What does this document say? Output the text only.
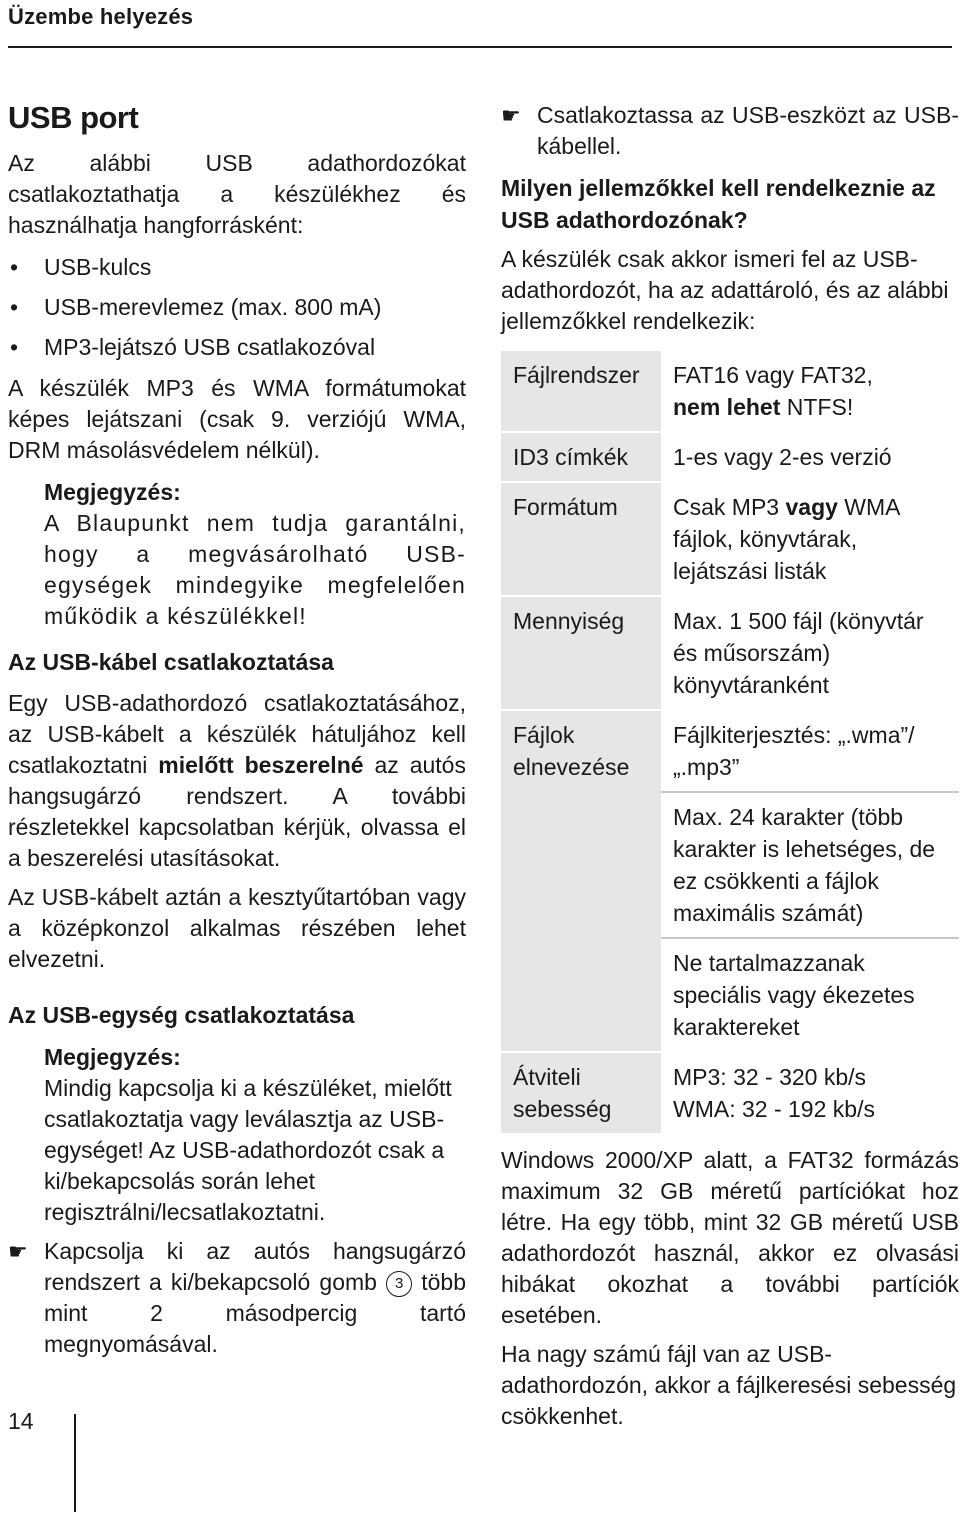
Üzembe helyezés

USB port

Az alábbi USB adathordozókat csatlakoztathatja a készülékhez és használhatja hangforrásként:

• USB-kulcs
• USB-merevlemez (max. 800 mA)
• MP3-lejátszó USB csatlakozóval

A készülék MP3 és WMA formátumokat képes lejátszani (csak 9. verziójú WMA, DRM másolásvédelem nélkül).

Megjegyzés:

A Blaupunkt nem tudja garantálni, hogy a megvásárolható USB-egységek mindegyike megfelelően működik a készülékkel!

Az USB-kábel csatlakoztatása

Egy USB-adathordozó csatlakoztatásához, az USB-kábelt a készülék hátuljához kell csatlakoztatni mielőtt beszerelné az autós hangsugárzó rendszert. A további részletekkel kapcsolatban kérjük, olvassa el a beszerelési utasításokat.

Az USB-kábelt aztán a kesztyűtartóban vagy a középkonzol alkalmas részében lehet elvezetni.

Az USB-egység csatlakoztatása

Megjegyzés:

Mindig kapcsolja ki a készüléket, mielőtt csatlakoztatja vagy leválasztja az USB-egységet! Az USB-adathordozót csak a ki/bekapcsolás során lehet regisztrálni/lecsatlakoztatni.

☛ Kapcsolja ki az autós hangsugárzó rendszert a ki/bekapcsoló gomb 3 több mint 2 másodpercig tartó megnyomásával.
☛ Csatlakoztassa az USB-eszközt az USB-kábellel.

Milyen jellemzőkkel kell rendelkeznie az USB adathordozónak?

A készülék csak akkor ismeri fel az USB-adathordozót, ha az adattároló, és az alábbi jellemzőkkel rendelkezik:

Fájlrendszer	FAT16 vagy FAT32,
nem lehet NTFS!
ID3 címkék	1-es vagy 2-es verzió
Formátum	Csak MP3 vagy WMA fájlok, könyvtárak, lejátszási listák
Mennyiség	Max. 1 500 fájl (könyvtár és műsorszám) könyvtáranként
Fájlok elnevezése	Fájlkiterjesztés: „.wma”/„.mp3”
	Max. 24 karakter (több karakter is lehetséges, de ez csökkenti a fájlok maximális számát)
	Ne tartalmazzanak speciális vagy ékezetes karaktereket
Átviteli sebesség	MP3: 32 - 320 kb/s
WMA: 32 - 192 kb/s

Windows 2000/XP alatt, a FAT32 formázás maximum 32 GB méretű partíciókat hoz létre. Ha egy több, mint 32 GB méretű USB adathordozót használ, akkor ez olvasási hibákat okozhat a további partíciók esetében.

Ha nagy számú fájl van az USB-adathordozón, akkor a fájlkeresési sebesség csökkenhet.

14
